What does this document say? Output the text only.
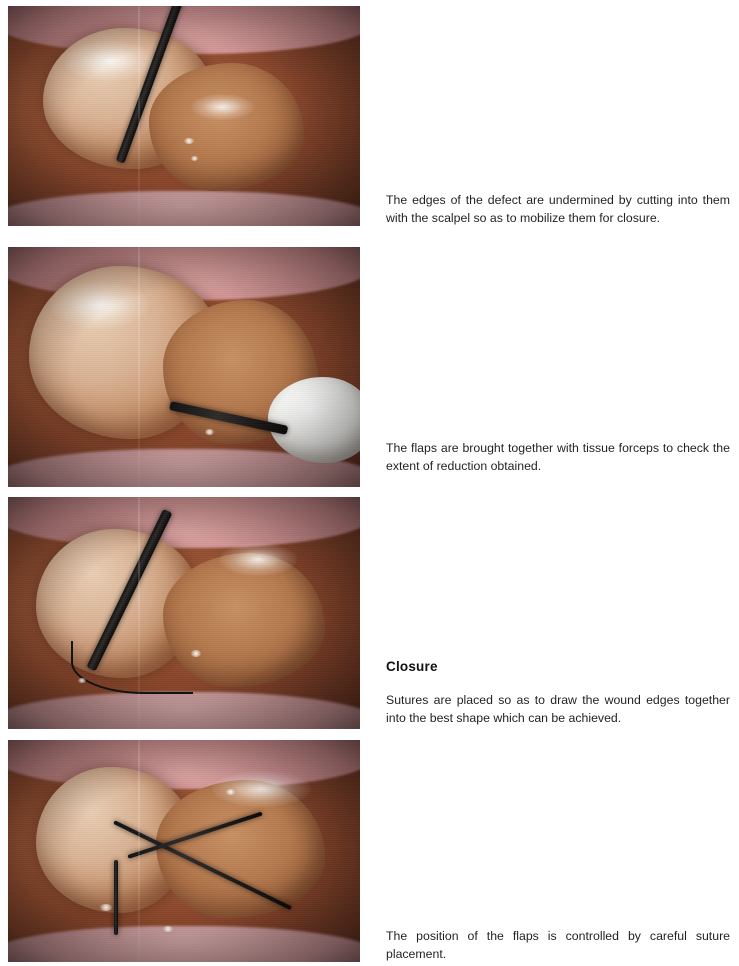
The edges of the defect are undermined by cutting into them with the scalpel so as to mobilize them for closure.

The flaps are brought together with tissue forceps to check the extent of reduction obtained.

Closure

Sutures are placed so as to draw the wound edges together into the best shape which can be achieved.

The position of the flaps is controlled by careful suture placement.
